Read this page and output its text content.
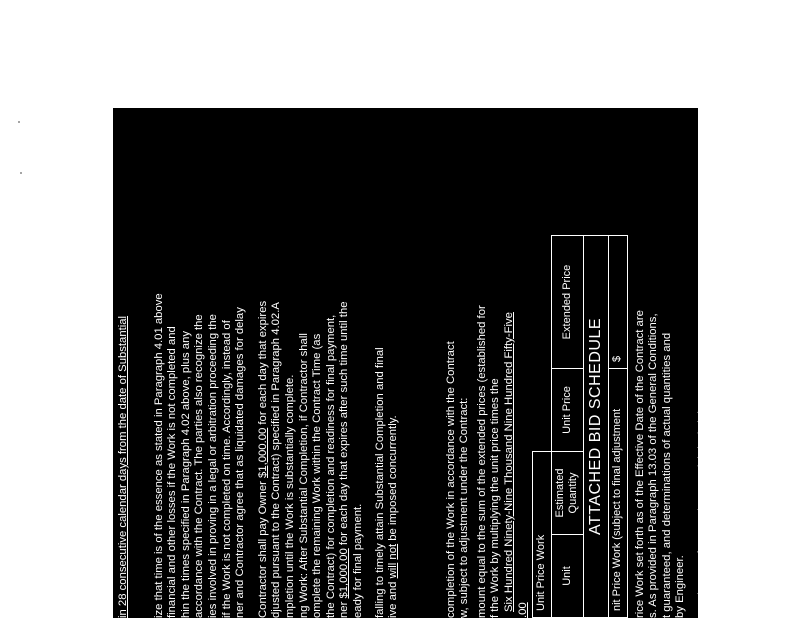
in 28 consecutive calendar days from the date of Substantial ize that time is of the essence as stated in Paragraph 4.01 above financial and other losses if the Work is not completed and hin the times specified in Paragraph 4.02 above, plus any accordance with the Contract. The parties also recognize the ies involved in proving in a legal or arbitration proceeding the if the Work is not completed on time. Accordingly, instead of ner and Contractor agree that as liquidated damages for delay Contractor shall pay Owner $1,000.00 for each day that expires djusted pursuant to the Contract) specified in Paragraph 4.02.A mpletion until the Work is substantially complete. ng Work: After Substantial Completion, if Contractor shall omplete the remaining Work within the Contract Time (as the Contract) for completion and readiness for final payment, ner $1,000.00 for each day that expires after such time until the

eady for final payment. falling to timely attain Substantial Completion and final ive and will not be imposed concurrently.	completion of the Work in accordance with the Contract w, subject to adjustment under the Contract: mount equal to the sum of the extended prices (established for f the Work by multiplying the unit price times the Six Hundred Ninety-Nine Thousand Nine Hundred Fifty-Five .00 Unit Price Work			
Unit	Estimated Quantity	Unit Price	Extended Price
ATTACHED BID SCHEDULE			
nit Price Work (subject to final adjustment			$ rice Work set forth as of the Effective Date of the Contract are s. As provided in Paragraph 13.03 of the General Conditions, t guaranteed, and determinations of actual quantities and by Engineer. ner and Contractor for Construction Contract (Stipulated Price). rofessional Engineers, American Council of Engineering Companies, ociety of Civil Engineers. All rights reserved. Page 2 of 7
